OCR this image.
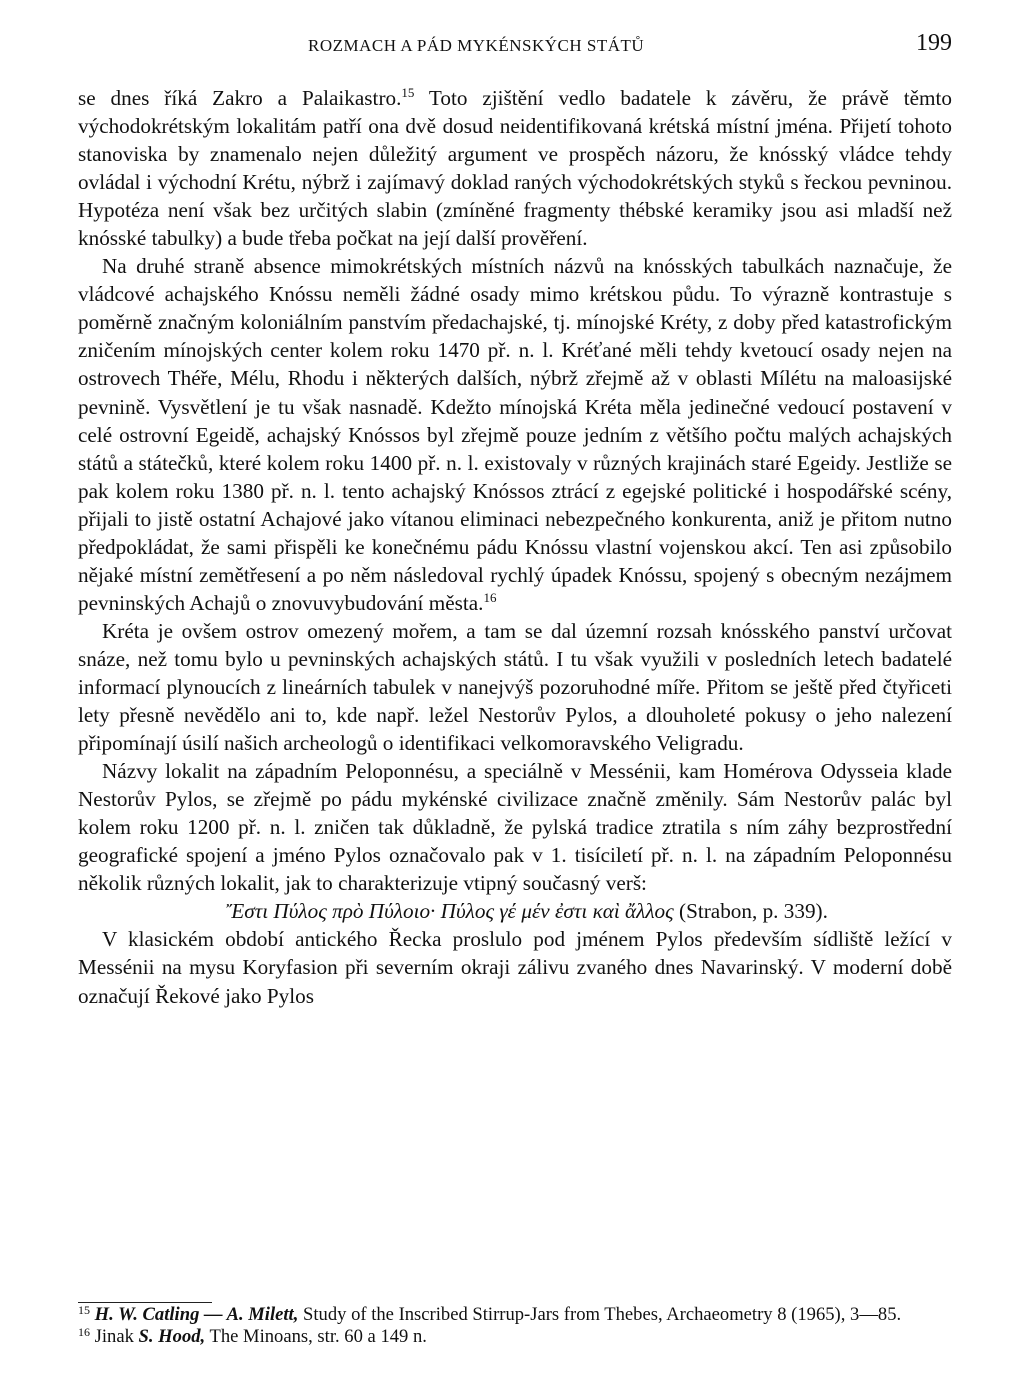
ROZMACH A PÁD MYKÉNSKÝCH STÁTŮ	199

se dnes říká Zakro a Palaikastro.$^{15}$ Toto zjištění vedlo badatele k závěru, že právě těmto východokrétským lokalitám patří ona dvě dosud neidentifikovaná krétská místní jména. Přijetí tohoto stanoviska by znamenalo nejen důležitý argument ve prospěch názoru, že knósský vládce tehdy ovládal i východní Krétu, nýbrž i zajímavý doklad raných východokrétských styků s řeckou pevninou. Hypotéza není však bez určitých slabin (zmíněné fragmenty thébské keramiky jsou asi mladší než knósské tabulky) a bude třeba počkat na její další prověření.

Na druhé straně absence mimokrétských místních názvů na knósských tabulkách naznačuje, že vládcové achajského Knóssu neměli žádné osady mimo krétskou půdu. To výrazně kontrastuje s poměrně značným koloniálním panstvím předachajské, tj. mínojské Kréty, z doby před katastrofickým zničením mínojských center kolem roku 1470 př. n. l. Kréťané měli tehdy kvetoucí osady nejen na ostrovech Théře, Mélu, Rhodu i některých dalších, nýbrž zřejmě až v oblasti Mílétu na maloasijské pevnině. Vysvětlení je tu však nasnadě. Kdežto mínojská Kréta měla jedinečné vedoucí postavení v celé ostrovní Egeidě, achajský Knóssos byl zřejmě pouze jedním z většího počtu malých achajských států a státečků, které kolem roku 1400 př. n. l. existovaly v různých krajinách staré Egeidy. Jestliže se pak kolem roku 1380 př. n. l. tento achajský Knóssos ztrácí z egejské politické i hospodářské scény, přijali to jistě ostatní Achajové jako vítanou eliminaci nebezpečného konkurenta, aniž je přitom nutno předpokládat, že sami přispěli ke konečnému pádu Knóssu vlastní vojenskou akcí. Ten asi způsobilo nějaké místní zemětřesení a po něm následoval rychlý úpadek Knóssu, spojený s obecným nezájmem pevninských Achajů o znovuvybudování města.$^{16}$

Kréta je ovšem ostrov omezený mořem, a tam se dal územní rozsah knósského panství určovat snáze, než tomu bylo u pevninských achajských států. I tu však využili v posledních letech badatelé informací plynoucích z lineárních tabulek v nanejvýš pozoruhodné míře. Přitom se ještě před čtyřiceti lety přesně nevědělo ani to, kde např. ležel Nestorův Pylos, a dlouholeté pokusy o jeho nalezení připomínají úsilí našich archeologů o identifikaci velkomoravského Veligradu.

Názvy lokalit na západním Peloponnésu, a speciálně v Messénii, kam Homérova Odysseia klade Nestorův Pylos, se zřejmě po pádu mykénské civilizace značně změnily. Sám Nestorův palác byl kolem roku 1200 př. n. l. zničen tak důkladně, že pylská tradice ztratila s ním záhy bezprostřední geografické spojení a jméno Pylos označovalo pak v 1. tisíciletí př. n. l. na západním Peloponnésu několik různých lokalit, jak to charakterizuje vtipný současný verš:

Ἔστι Πύλος πρὸ Πύλοιο· Πύλος γέ μέν ἐστι καὶ ἄλλος (Strabon, p. 339).

V klasickém období antického Řecka proslulo pod jménem Pylos především sídliště ležící v Messénii na mysu Koryfasion při severním okraji zálivu zvaného dnes Navarinský. V moderní době označují Řekové jako Pylos

$^{15}$ H. W. Catling — A. Milett, Study of the Inscribed Stirrup-Jars from Thebes, Archaeometry 8 (1965), 3—85.

$^{16}$ Jinak S. Hood, The Minoans, str. 60 a 149 n.
